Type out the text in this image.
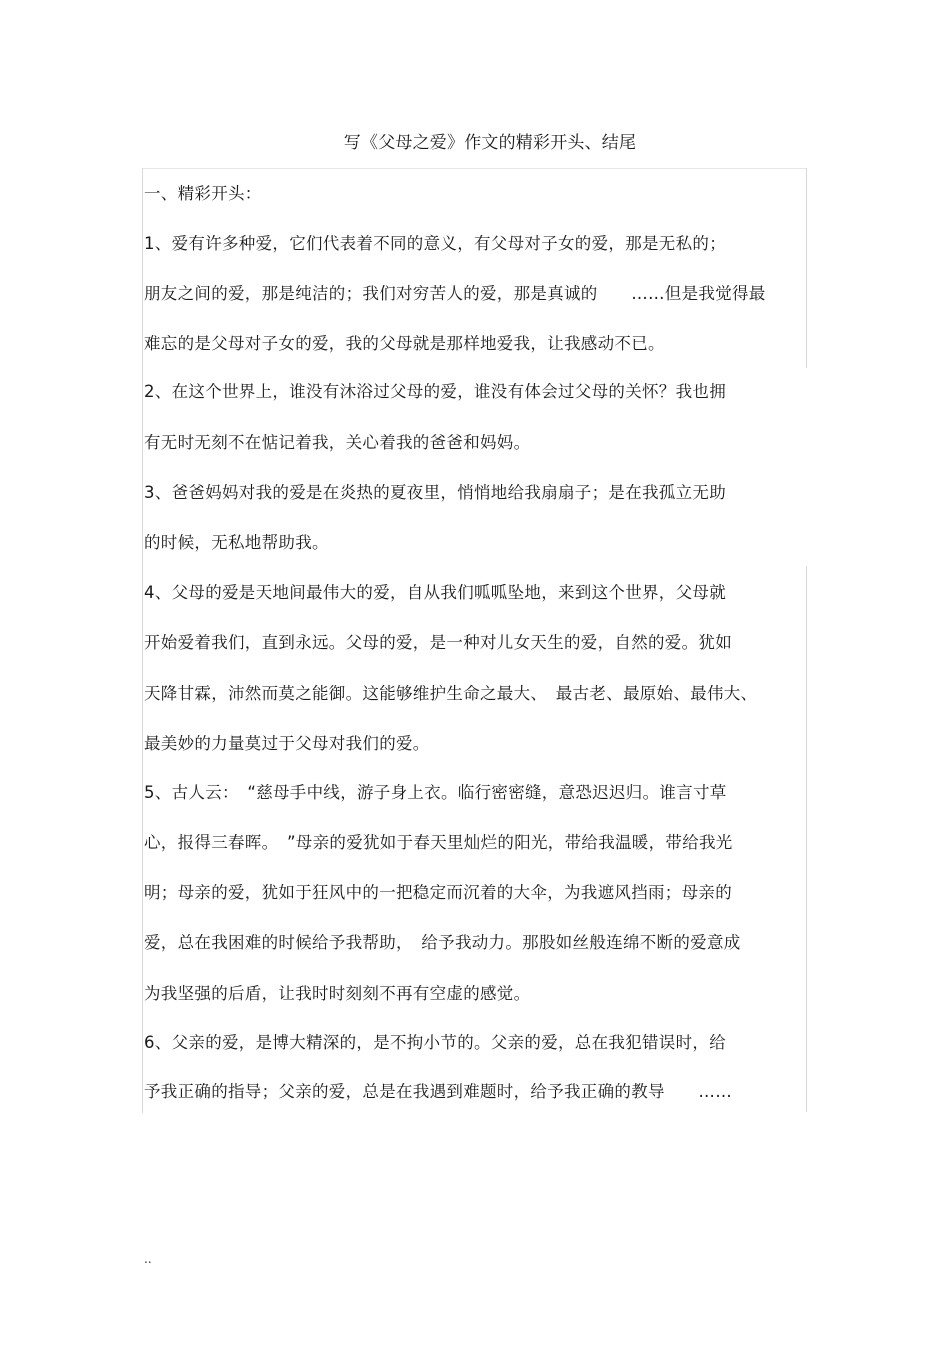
写《父母之爱》作文的精彩开头、结尾
一、精彩开头：
1、爱有许多种爱，它们代表着不同的意义，有父母对子女的爱，那是无私的；
朋友之间的爱，那是纯洁的；我们对穷苦人的爱，那是真诚的　　……但是我觉得最
难忘的是父母对子女的爱，我的父母就是那样地爱我，让我感动不已。
2、在这个世界上，谁没有沐浴过父母的爱，谁没有体会过父母的关怀？我也拥
有无时无刻不在惦记着我，关心着我的爸爸和妈妈。
3、爸爸妈妈对我的爱是在炎热的夏夜里，悄悄地给我扇扇子；是在我孤立无助
的时候，无私地帮助我。
4、父母的爱是天地间最伟大的爱，自从我们呱呱坠地，来到这个世界，父母就
开始爱着我们，直到永远。父母的爱，是一种对儿女天生的爱，自然的爱。犹如
天降甘霖，沛然而莫之能御。这能够维护生命之最大、　最古老、最原始、最伟大、
最美妙的力量莫过于父母对我们的爱。
5、古人云：　“慈母手中线，游子身上衣。临行密密缝，意恐迟迟归。谁言寸草
心，报得三春晖。　”母亲的爱犹如于春天里灿烂的阳光，带给我温暖，带给我光
明；母亲的爱，犹如于狂风中的一把稳定而沉着的大伞，为我遮风挡雨；母亲的
爱，总在我困难的时候给予我帮助，　给予我动力。那股如丝般连绵不断的爱意成
为我坚强的后盾，让我时时刻刻不再有空虚的感觉。
6、父亲的爱，是博大精深的，是不拘小节的。父亲的爱，总在我犯错误时，给
予我正确的指导；父亲的爱，总是在我遇到难题时，给予我正确的教导　　……
..
